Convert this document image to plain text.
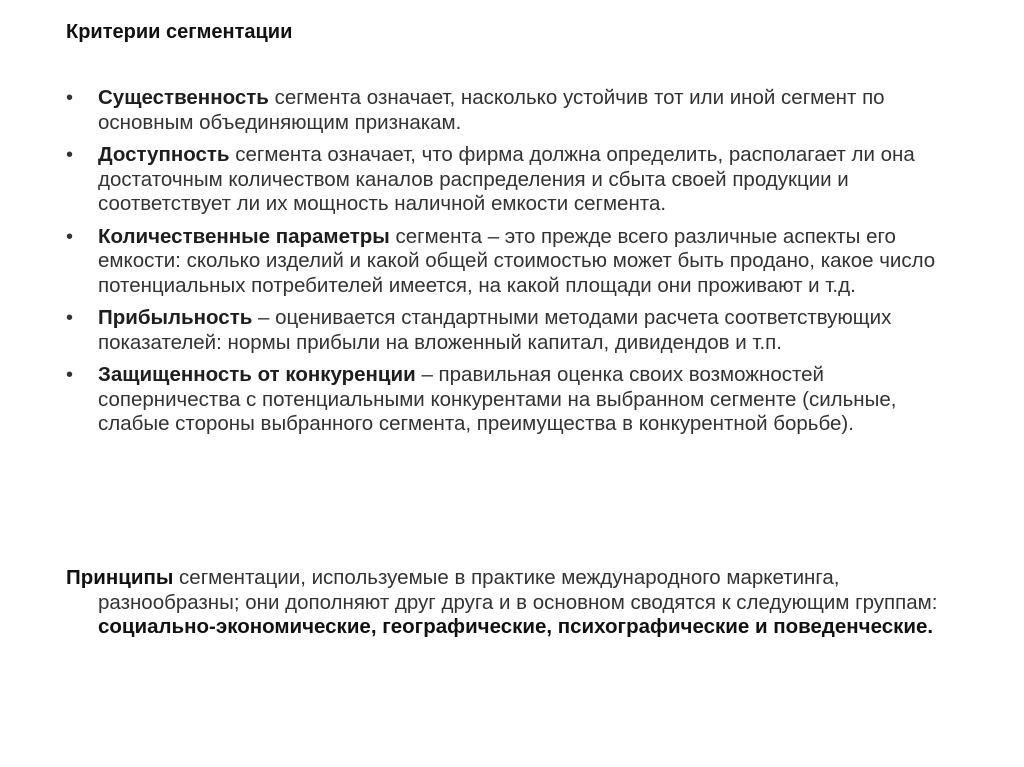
Критерии сегментации
•	Существенность сегмента означает, насколько устойчив тот или иной сегмент по основным объединяющим признакам.
•	Доступность сегмента означает, что фирма должна определить, располагает ли она достаточным количеством каналов распределения и сбыта своей продукции и соответствует ли их мощность наличной емкости сегмента.
•	Количественные параметры сегмента – это прежде всего различные аспекты его емкости: сколько изделий и какой общей стоимостью может быть продано, какое число потенциальных потребителей имеется, на какой площади они проживают и т.д.
•	Прибыльность – оценивается стандартными методами расчета соответствующих показателей: нормы прибыли на вложенный капитал, дивидендов и т.п.
•	Защищенность от конкуренции – правильная оценка своих возможностей соперничества с потенциальными конкурентами на выбранном сегменте (сильные, слабые стороны выбранного сегмента, преимущества в конкурентной борьбе).
Принципы сегментации, используемые в практике международного маркетинга, разнообразны; они дополняют друг друга и в основном сводятся к следующим группам: социально-экономические, географические, психографические и поведенческие.
